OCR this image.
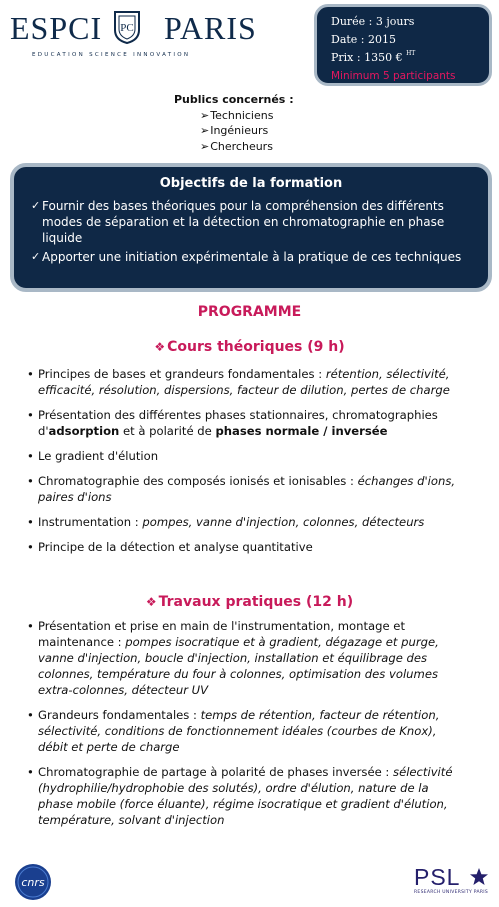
ESPCI PC PARIS
EDUCATION SCIENCE INNOVATION
Durée : 3 jours
Date : 2015
Prix : 1350 € $^{HT}$
Minimum 5 participants
Publics concernés :
➢ Techniciens
➢ Ingénieurs
➢ Chercheurs
Objectifs de la formation
✓ Fournir des bases théoriques pour la compréhension des différents modes de séparation et la détection en chromatographie en phase liquide
✓ Apporter une initiation expérimentale à la pratique de ces techniques
PROGRAMME
❖ Cours théoriques (9 h)
• Principes de bases et grandeurs fondamentales : rétention, sélectivité, efficacité, résolution, dispersions, facteur de dilution, pertes de charge
• Présentation des différentes phases stationnaires, chromatographies d'adsorption et à polarité de phases normale / inversée
• Le gradient d'élution
• Chromatographie des composés ionisés et ionisables : échanges d'ions, paires d'ions
• Instrumentation : pompes, vanne d'injection, colonnes, détecteurs
• Principe de la détection et analyse quantitative
❖ Travaux pratiques (12 h)
• Présentation et prise en main de l'instrumentation, montage et maintenance : pompes isocratique et à gradient, dégazage et purge, vanne d'injection, boucle d'injection, installation et équilibrage des colonnes, température du four à colonnes, optimisation des volumes extra-colonnes, détecteur UV
• Grandeurs fondamentales : temps de rétention, facteur de rétention, sélectivité, conditions de fonctionnement idéales (courbes de Knox), débit et perte de charge
• Chromatographie de partage à polarité de phases inversée : sélectivité (hydrophilie/hydrophobie des solutés), ordre d'élution, nature de la phase mobile (force éluante), régime isocratique et gradient d'élution, température, solvant d'injection
cnrs	PSL
RESEARCH UNIVERSITY PARIS
